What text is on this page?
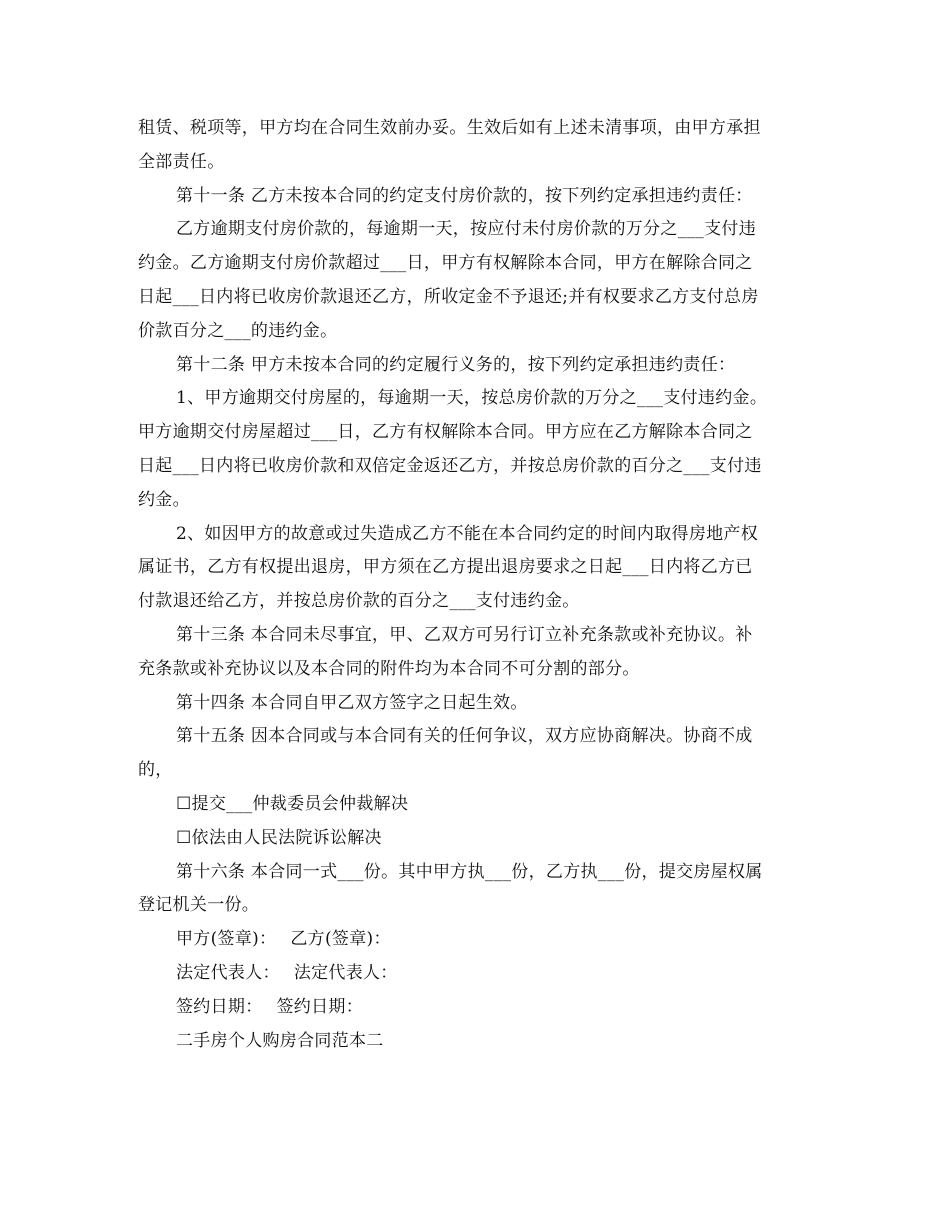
租赁、税项等，甲方均在合同生效前办妥。生效后如有上述未清事项，由甲方承担
全部责任。
第十一条 乙方未按本合同的约定支付房价款的，按下列约定承担违约责任：
乙方逾期支付房价款的，每逾期一天，按应付未付房价款的万分之___支付违
约金。乙方逾期支付房价款超过___日，甲方有权解除本合同，甲方在解除合同之
日起___日内将已收房价款退还乙方，所收定金不予退还;并有权要求乙方支付总房
价款百分之___的违约金。
第十二条 甲方未按本合同的约定履行义务的，按下列约定承担违约责任：
1、甲方逾期交付房屋的，每逾期一天，按总房价款的万分之___支付违约金。
甲方逾期交付房屋超过___日，乙方有权解除本合同。甲方应在乙方解除本合同之
日起___日内将已收房价款和双倍定金返还乙方，并按总房价款的百分之___支付违
约金。
2、如因甲方的故意或过失造成乙方不能在本合同约定的时间内取得房地产权
属证书，乙方有权提出退房，甲方须在乙方提出退房要求之日起___日内将乙方已
付款退还给乙方，并按总房价款的百分之___支付违约金。
第十三条 本合同未尽事宜，甲、乙双方可另行订立补充条款或补充协议。补
充条款或补充协议以及本合同的附件均为本合同不可分割的部分。
第十四条 本合同自甲乙双方签字之日起生效。
第十五条 因本合同或与本合同有关的任何争议，双方应协商解决。协商不成
的，
☐提交___仲裁委员会仲裁解决
☐依法由人民法院诉讼解决
第十六条 本合同一式___份。其中甲方执___份，乙方执___份，提交房屋权属
登记机关一份。
甲方(签章)： 乙方(签章)：
法定代表人： 法定代表人：
签约日期： 签约日期：
二手房个人购房合同范本二
